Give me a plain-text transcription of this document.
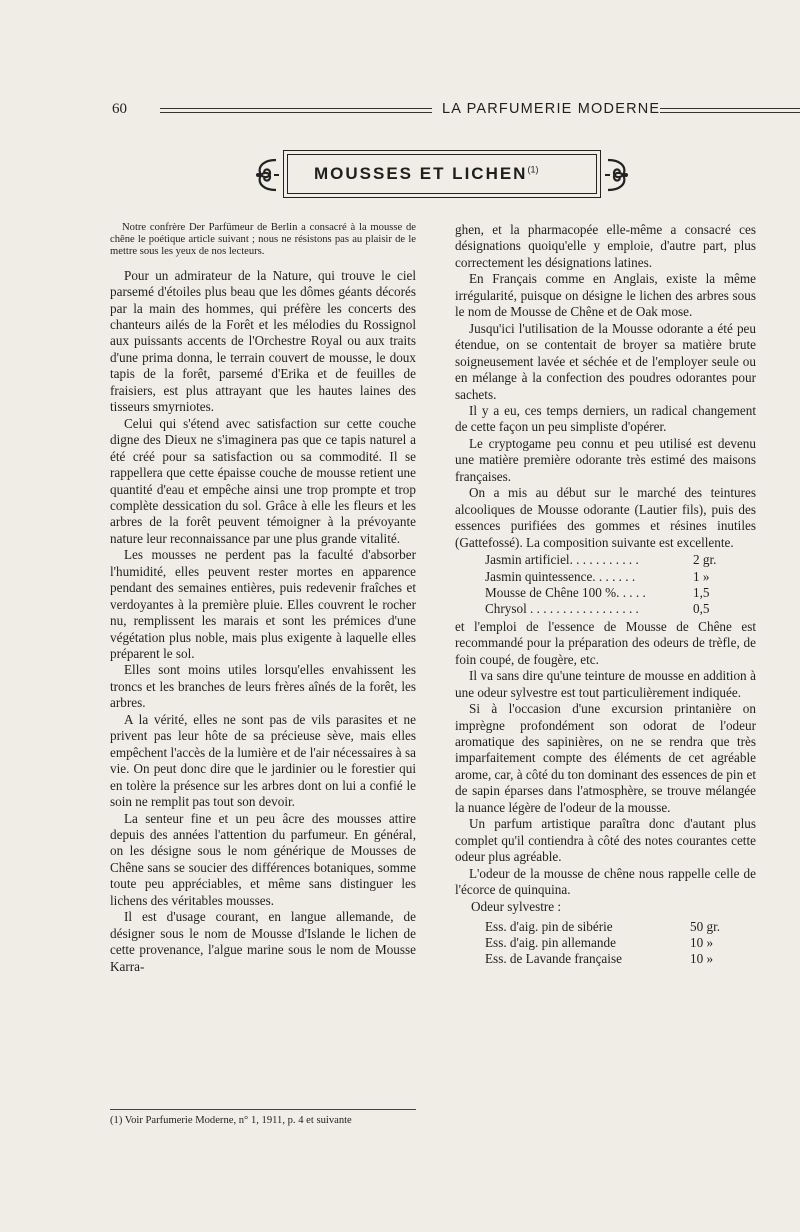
60	LA PARFUMERIE MODERNE
MOUSSES ET LICHEN$^{(1)}$

Notre confrère Der Parfümeur de Berlin a consacré à la mousse de chêne le poétique article suivant ; nous ne résistons pas au plaisir de le mettre sous les yeux de nos lecteurs.

Pour un admirateur de la Nature, qui trouve le ciel parsemé d'étoiles plus beau que les dômes géants décorés par la main des hommes, qui préfère les concerts des chanteurs ailés de la Forêt et les mélodies du Rossignol aux puissants accents de l'Orchestre Royal ou aux traits d'une prima donna, le terrain couvert de mousse, le doux tapis de la forêt, parsemé d'Erika et de feuilles de fraisiers, est plus attrayant que les hautes laines des tisseurs smyrniotes.

Celui qui s'étend avec satisfaction sur cette couche digne des Dieux ne s'imaginera pas que ce tapis naturel a été créé pour sa satisfaction ou sa commodité. Il se rappellera que cette épaisse couche de mousse retient une quantité d'eau et empêche ainsi une trop prompte et trop complète dessication du sol. Grâce à elle les fleurs et les arbres de la forêt peuvent témoigner à la prévoyante nature leur reconnaissance par une plus grande vitalité.

Les mousses ne perdent pas la faculté d'absorber l'humidité, elles peuvent rester mortes en apparence pendant des semaines entières, puis redevenir fraîches et verdoyantes à la première pluie. Elles couvrent le rocher nu, remplissent les marais et sont les prémices d'une végétation plus noble, mais plus exigente à laquelle elles préparent le sol.

Elles sont moins utiles lorsqu'elles envahissent les troncs et les branches de leurs frères aînés de la forêt, les arbres.

A la vérité, elles ne sont pas de vils parasites et ne privent pas leur hôte de sa précieuse sève, mais elles empêchent l'accès de la lumière et de l'air nécessaires à sa vie. On peut donc dire que le jardinier ou le forestier qui en tolère la présence sur les arbres dont on lui a confié le soin ne remplit pas tout son devoir.

La senteur fine et un peu âcre des mousses attire depuis des années l'attention du parfumeur. En général, on les désigne sous le nom générique de Mousses de Chêne sans se soucier des différences botaniques, somme toute peu appréciables, et même sans distinguer les lichens des véritables mousses.

Il est d'usage courant, en langue allemande, de désigner sous le nom de Mousse d'Islande le lichen de cette provenance, l'algue marine sous le nom de Mousse Karra-

(1) Voir Parfumerie Moderne, n° 1, 1911, p. 4 et suivante

ghen, et la pharmacopée elle-même a consacré ces désignations quoiqu'elle y emploie, d'autre part, plus correctement les désignations latines.

En Français comme en Anglais, existe la même irrégularité, puisque on désigne le lichen des arbres sous le nom de Mousse de Chêne et de Oak mose.

Jusqu'ici l'utilisation de la Mousse odorante a été peu étendue, on se contentait de broyer sa matière brute soigneusement lavée et séchée et de l'employer seule ou en mélange à la confection des poudres odorantes pour sachets.

Il y a eu, ces temps derniers, un radical changement de cette façon un peu simpliste d'opérer.

Le cryptogame peu connu et peu utilisé est devenu une matière première odorante très estimé des maisons françaises.

On a mis au début sur le marché des teintures alcooliques de Mousse odorante (Lautier fils), puis des essences purifiées des gommes et résines inutiles (Gattefossé). La composition suivante est excellente.

Jasmin artificiel. . . . . . . . . . .	2 gr.
Jasmin quintessence. . . . . . .	1 »
Mousse de Chêne 100 %. . . . .	1,5
Chrysol . . . . . . . . . . . . . . . . .	0,5

et l'emploi de l'essence de Mousse de Chêne est recommandé pour la préparation des odeurs de trèfle, de foin coupé, de fougère, etc.

Il va sans dire qu'une teinture de mousse en addition à une odeur sylvestre est tout particulièrement indiquée.

Si à l'occasion d'une excursion printanière on imprègne profondément son odorat de l'odeur aromatique des sapinières, on ne se rendra que très imparfaitement compte des éléments de cet agréable arome, car, à côté du ton dominant des essences de pin et de sapin éparses dans l'atmosphère, se trouve mélangée la nuance légère de l'odeur de la mousse.

Un parfum artistique paraîtra donc d'autant plus complet qu'il contiendra à côté des notes courantes cette odeur plus agréable.

L'odeur de la mousse de chêne nous rappelle celle de l'écorce de quinquina.

Odeur sylvestre :
Ess. d'aig. pin de sibérie	50 gr.
Ess. d'aig. pin allemande	10 »
Ess. de Lavande française	10 »
